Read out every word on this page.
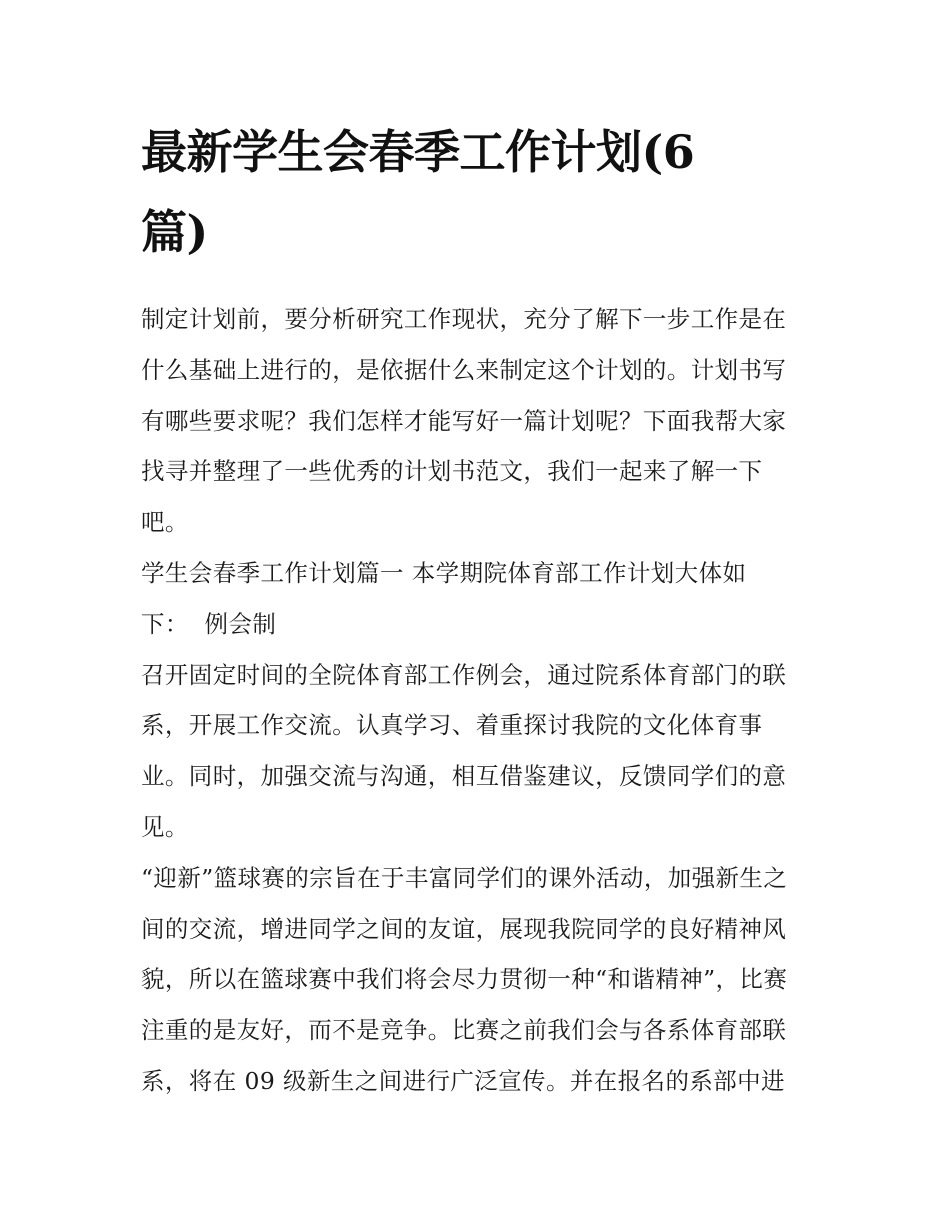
最新学生会春季工作计划(6
篇)
制定计划前，要分析研究工作现状，充分了解下一步工作是在
什么基础上进行的，是依据什么来制定这个计划的。计划书写
有哪些要求呢？我们怎样才能写好一篇计划呢？下面我帮大家
找寻并整理了一些优秀的计划书范文，我们一起来了解一下
吧。
学生会春季工作计划篇一 本学期院体育部工作计划大体如
下：  例会制
召开固定时间的全院体育部工作例会，通过院系体育部门的联
系，开展工作交流。认真学习、着重探讨我院的文化体育事
业。同时，加强交流与沟通，相互借鉴建议，反馈同学们的意
见。
“迎新”篮球赛的宗旨在于丰富同学们的课外活动，加强新生之
间的交流，增进同学之间的友谊，展现我院同学的良好精神风
貌，所以在篮球赛中我们将会尽力贯彻一种“和谐精神”，比赛
注重的是友好，而不是竞争。比赛之前我们会与各系体育部联
系，将在 09 级新生之间进行广泛宣传。并在报名的系部中进
